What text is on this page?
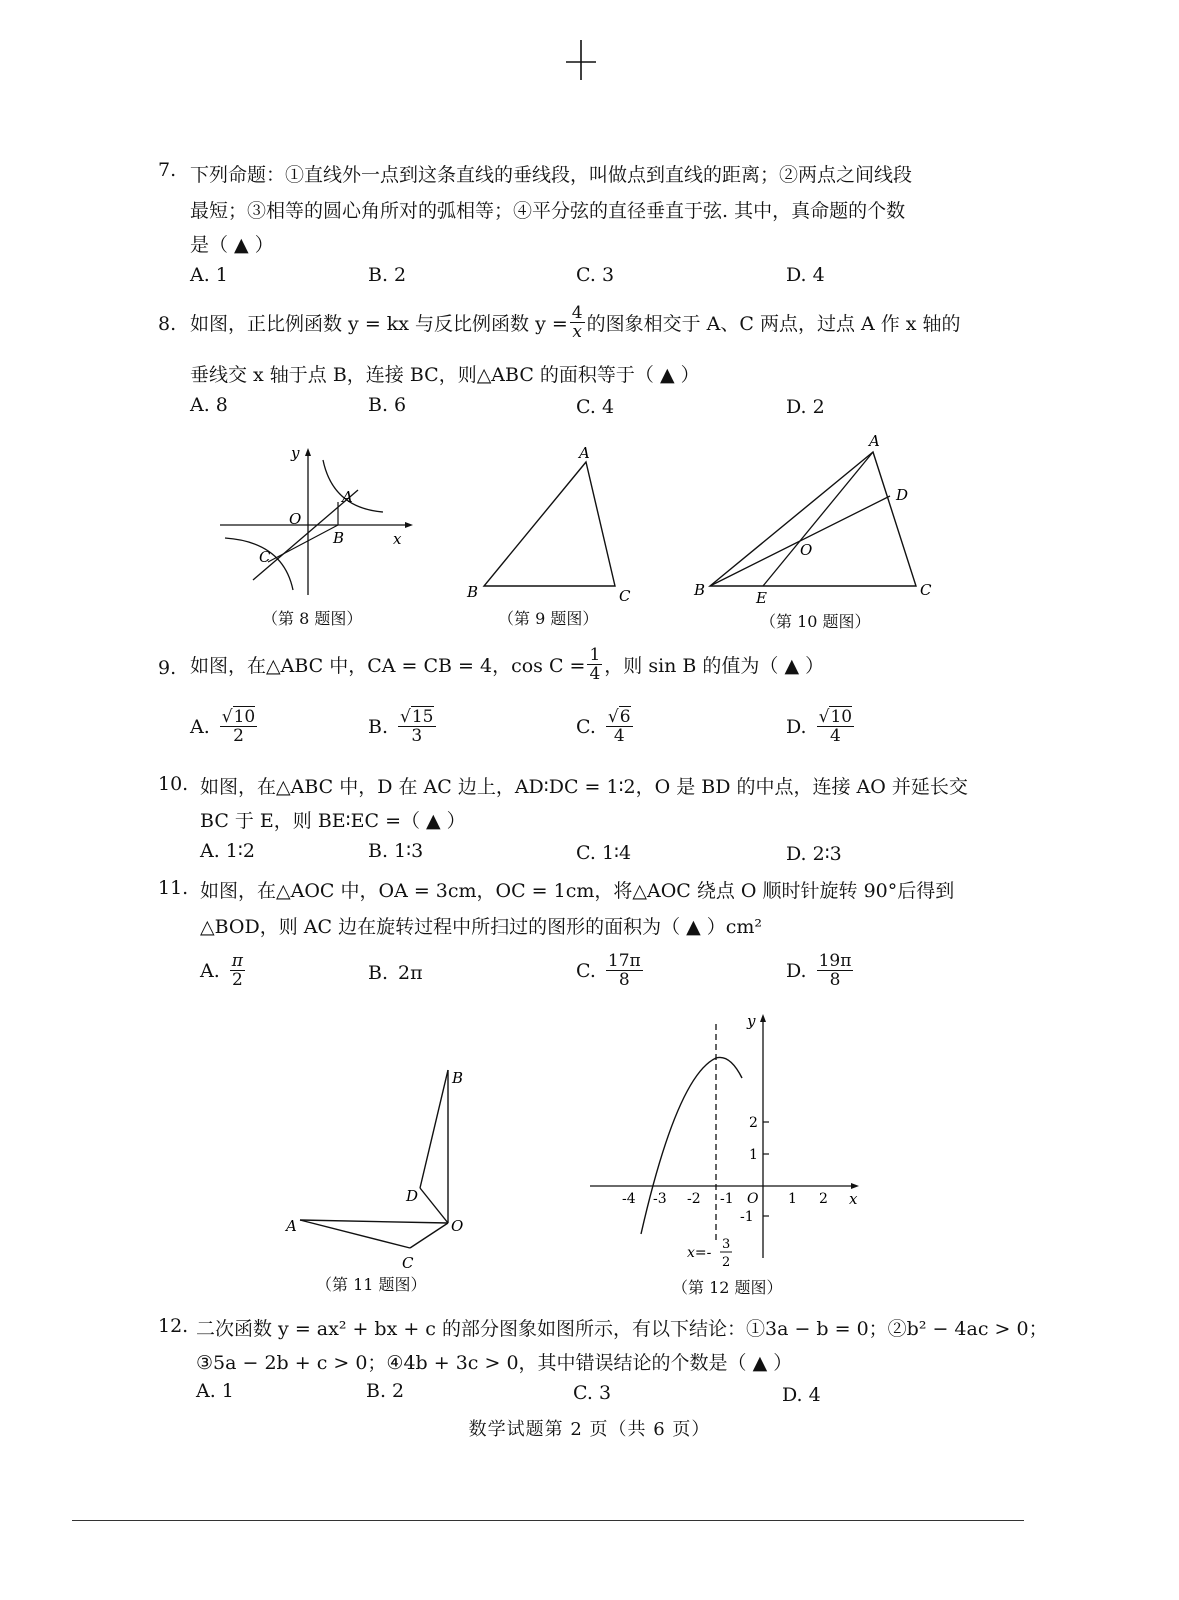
7. 下列命题：①直线外一点到这条直线的垂线段，叫做点到直线的距离；②两点之间线段
最短；③相等的圆心角所对的弧相等；④平分弦的直径垂直于弦. 其中，真命题的个数
是（ ▲ ）
A. 1	B. 2	C. 3	D. 4
8. 如图，正比例函数 y = kx 与反比例函数 $y = \frac{4}{x}$ 的图象相交于 A、C 两点，过点 A 作 x 轴的
垂线交 x 轴于点 B，连接 BC，则△ABC 的面积等于（ ▲ ）
A. 8	B. 6	C. 4	D. 2
y
x
O
A
B
C
（第 8 题图）
A
B	C
（第 9 题图）
A
B	C
D
E
O
（第 10 题图）
9. 如图，在△ABC 中，CA = CB = 4，$\cos C = \frac{1}{4}$ ，则 sin B 的值为（ ▲ ）
A. $\frac{√10}{2}$	B. $\frac{√15}{3}$	C. $\frac{√6}{4}$	D. $\frac{√10}{4}$
10. 如图，在△ABC 中，D 在 AC 边上，AD∶DC = 1∶2，O 是 BD 的中点，连接 AO 并延长交
BC 于 E，则 BE∶EC =（ ▲ ）
A. 1∶2	B. 1∶3	C. 1∶4	D. 2∶3
11. 如图，在△AOC 中，OA = 3cm，OC = 1cm，将△AOC 绕点 O 顺时针旋转 90°后得到
△BOD，则 AC 边在旋转过程中所扫过的图形的面积为（ ▲ ）cm²
A. $\frac{\pi}{2}$	B. 2π	C. $\frac{17\pi}{8}$	D. $\frac{19\pi}{8}$
A
B
C
D
O
（第 11 题图）
-4 -3 -2 -1	1 2
2
1
-1
y
x
O
x=-
3
2
（第 12 题图）
12. 二次函数 y = ax² + bx + c 的部分图象如图所示，有以下结论：①3a − b = 0；②b² − 4ac > 0；
③5a − 2b + c > 0；④4b + 3c > 0，其中错误结论的个数是（ ▲ ）
A. 1	B. 2	C. 3	D. 4
数学试题第 2 页（共 6 页）
